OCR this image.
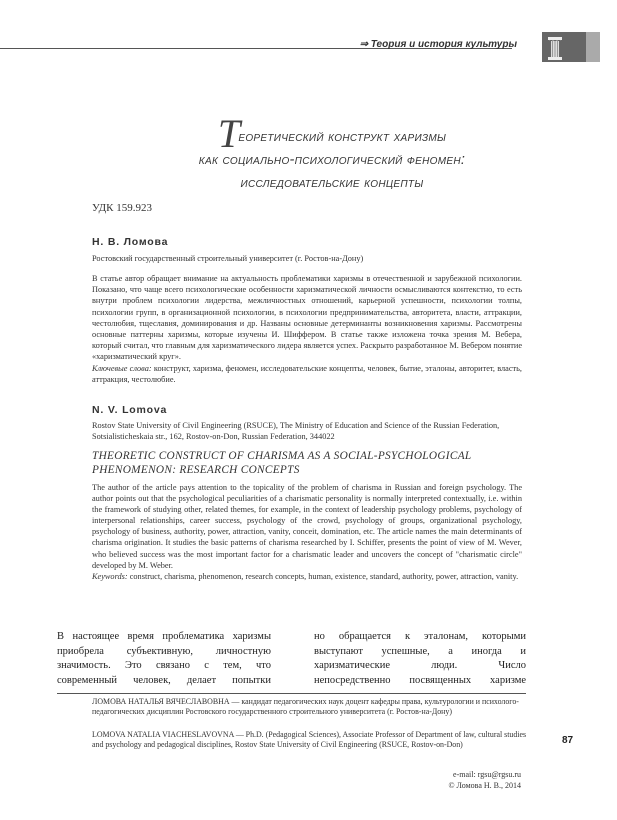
⇒ Теория и история культуры
Теоретический конструкт харизмы
как социально-психологический феномен:
исследовательские концепты
УДК 159.923
Н. В. Ломова
Ростовский государственный строительный университет (г. Ростов-на-Дону)
В статье автор обращает внимание на актуальность проблематики харизмы в отечественной и зарубежной психологии. Показано, что чаще всего психологические особенности харизматической личности осмысливаются контекстно, то есть внутри проблем психологии лидерства, межличностных отношений, карьерной успешности, психологии толпы, психологии групп, в организационной психологии, в психологии предпринимательства, авторитета, власти, аттракции, честолюбия, тщеславия, доминирования и др. Названы основные детерминанты возникновения харизмы. Рассмотрены основные паттерны харизмы, которые изучены И. Шиффером. В статье также изложена точка зрения М. Вебера, который считал, что главным для харизматического лидера является успех. Раскрыто разработанное М. Вебером понятие «харизматический круг».
Ключевые слова: конструкт, харизма, феномен, исследовательские концепты, человек, бытие, эталоны, авторитет, власть, аттракция, честолюбие.
N. V. Lomova
Rostov State University of Civil Engineering (RSUCE), The Ministry of Education and Science of the Russian Federation, Sotsialisticheskaia str., 162, Rostov-on-Don, Russian Federation, 344022
THEORETIC CONSTRUCT OF CHARISMA AS A SOCIAL-PSYCHOLOGICAL PHENOMENON: RESEARCH CONCEPTS
The author of the article pays attention to the topicality of the problem of charisma in Russian and foreign psychology. The author points out that the psychological peculiarities of a charismatic personality is normally interpreted contextually, i.e. within the framework of studying other, related themes, for example, in the context of leadership psychology problems, psychology of interpersonal relationships, career success, psychology of the crowd, psychology of groups, organizational psychology, psychology of business, authority, power, attraction, vanity, conceit, domination, etc. The article names the main determinants of charisma origination. It studies the basic patterns of charisma researched by I. Schiffer, presents the point of view of M. Wever, who believed success was the most important factor for a charismatic leader and uncovers the concept of "charismatic circle" developed by M. Weber.
Keywords: construct, charisma, phenomenon, research concepts, human, existence, standard, authority, power, attraction, vanity.
В настоящее время проблематика харизмы приобрела субъективную, личностную значимость. Это связано с тем, что современный человек, делает попытки
но обращается к эталонам, которыми выступают успешные, а иногда и харизматические люди. Число непосредственно посвященных харизме
ЛОМОВА НАТАЛЬЯ ВЯЧЕСЛАВОВНА — кандидат педагогических наук доцент кафедры права, культурологии и психолого-педагогических дисциплин Ростовского государственного строительного университета (г. Ростов-на-Дону)
LOMOVA NATALIA VIACHESLAVOVNA — Ph.D. (Pedagogical Sciences), Associate Professor of Department of law, cultural studies and psychology and pedagogical disciplines, Rostov State University of Civil Engineering (RSUCE, Rostov-on-Don)	87
e-mail: rgsu@rgsu.ru
© Ломова Н. В., 2014
